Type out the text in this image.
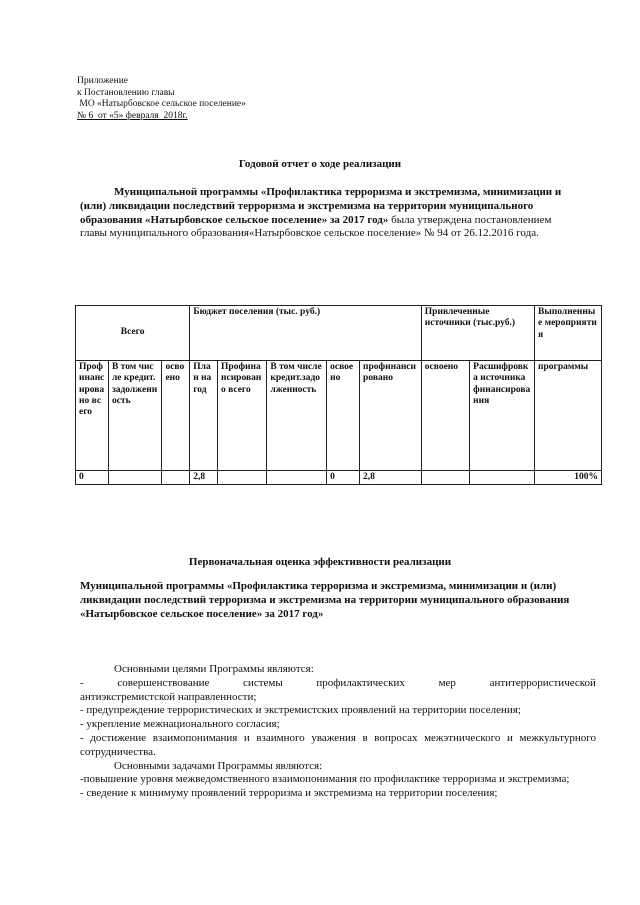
Приложение
к Постановлению главы
МО «Натырбовское сельское поселение»
№ 6  от «5» февраля  2018г.
Годовой отчет о ходе реализации
Муниципальной программы «Профилактика терроризма и экстремизма, минимизации и (или) ликвидации последствий терроризма и экстремизма на территории муниципального образования «Натырбовское сельское поселение» за 2017 год» была утверждена постановлением главы муниципального образования«Натырбовское сельское поселение» № 94 от 26.12.2016 года.
Всего			Бюджет поселения (тыс. руб.)					Привлеченные источники (тыс.руб.)		Выполненные мероприятия
Профинансировано всего	В том числе кредит. задолженность	освоено	План на год	Профинансировано всего	В том числе кредит.задолженность	освоено	профинансировано	освоено	Расшифровка источника финансирования	программы
0			2,8			0	2,8			100%
Первоначальная оценка эффективности реализации
Муниципальной программы «Профилактика терроризма и экстремизма, минимизации и (или) ликвидации последствий терроризма и экстремизма на территории муниципального образования «Натырбовское сельское поселение» за 2017 год»

Основными целями Программы являются:

-	совершенствование	системы	профилактических	мер	антитеррористической

антиэкстремистской направленности;

- предупреждение террористических и экстремистских проявлений на территории поселения;

- укрепление межнационального согласия;

- достижение взаимопонимания и взаимного уважения в вопросах межэтнического и межкультурного сотрудничества.

Основными задачами Программы являются:

-повышение уровня межведомственного взаимопонимания по профилактике терроризма и экстремизма;

- сведение к минимуму проявлений терроризма и экстремизма на территории поселения;
